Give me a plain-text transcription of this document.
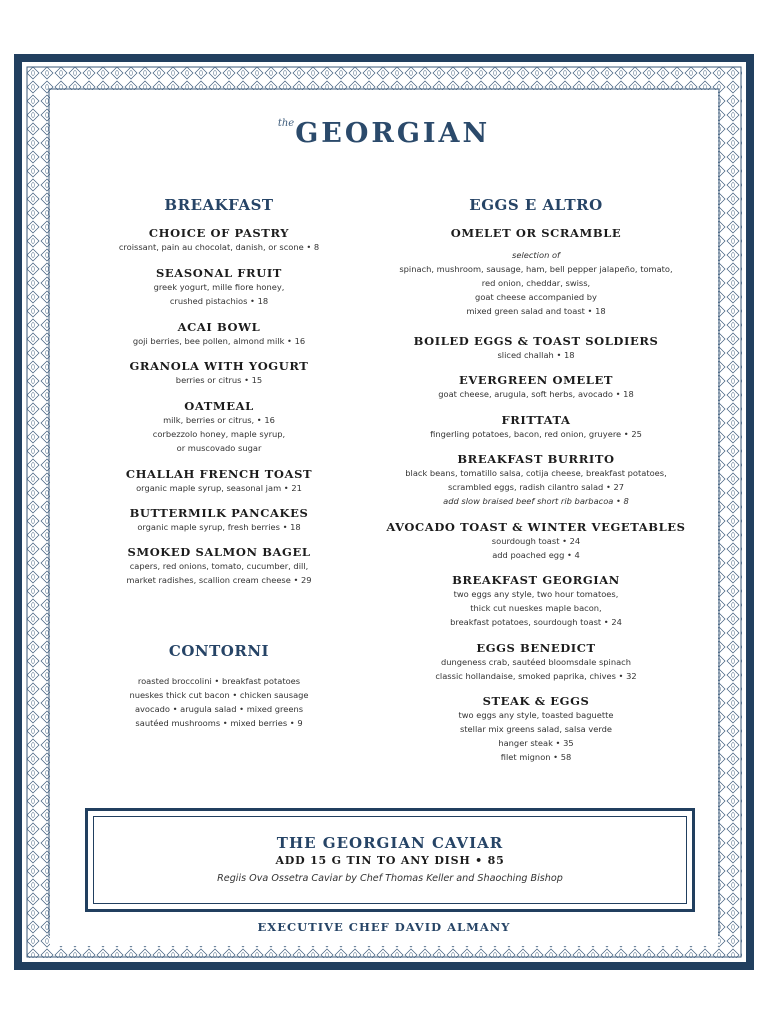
$^{the}$GEORGIAN
BREAKFAST
CHOICE OF PASTRY
croissant, pain au chocolat, danish, or scone • 8
SEASONAL FRUIT
greek yogurt, mille fiore honey,
crushed pistachios • 18
ACAI BOWL
goji berries, bee pollen, almond milk • 16
GRANOLA WITH YOGURT
berries or citrus • 15
OATMEAL
milk, berries or citrus, • 16
corbezzolo honey, maple syrup,
or muscovado sugar
CHALLAH FRENCH TOAST
organic maple syrup, seasonal jam • 21
BUTTERMILK PANCAKES
organic maple syrup, fresh berries • 18
SMOKED SALMON BAGEL
capers, red onions, tomato, cucumber, dill,
market radishes, scallion cream cheese • 29
CONTORNI
roasted broccolini • breakfast potatoes
nueskes thick cut bacon • chicken sausage
avocado • arugula salad • mixed greens
sautéed mushrooms • mixed berries • 9
EGGS E ALTRO
OMELET OR SCRAMBLE
selection of
spinach, mushroom, sausage, ham, bell pepper jalapeño, tomato,
red onion, cheddar, swiss,
goat cheese accompanied by
mixed green salad and toast • 18
BOILED EGGS & TOAST SOLDIERS
sliced challah • 18
EVERGREEN OMELET
goat cheese, arugula, soft herbs, avocado • 18
FRITTATA
fingerling potatoes, bacon, red onion, gruyere • 25
BREAKFAST BURRITO
black beans, tomatillo salsa, cotija cheese, breakfast potatoes,
scrambled eggs, radish cilantro salad • 27
add slow braised beef short rib barbacoa • 8
AVOCADO TOAST & WINTER VEGETABLES
sourdough toast • 24
add poached egg • 4
BREAKFAST GEORGIAN
two eggs any style, two hour tomatoes,
thick cut nueskes maple bacon,
breakfast potatoes, sourdough toast • 24
EGGS BENEDICT
dungeness crab, sautéed bloomsdale spinach
classic hollandaise, smoked paprika, chives • 32
STEAK & EGGS
two eggs any style, toasted baguette
stellar mix greens salad, salsa verde
hanger steak • 35
filet mignon • 58
THE GEORGIAN CAVIAR
ADD 15 G TIN TO ANY DISH • 85
Regiis Ova Ossetra Caviar by Chef Thomas Keller and Shaoching Bishop
EXECUTIVE CHEF DAVID ALMANY
